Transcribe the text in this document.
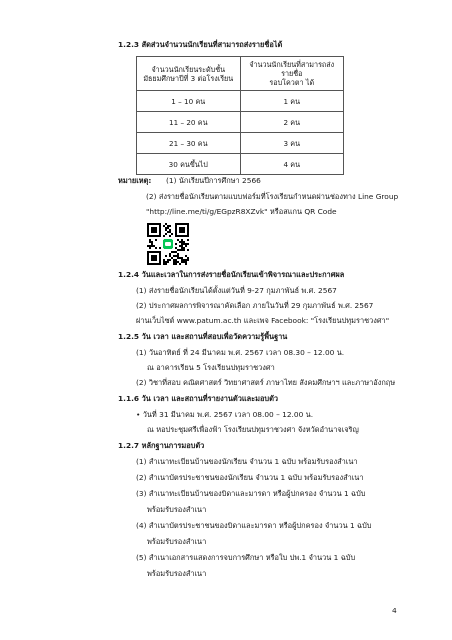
1.2.3 สัดส่วนจำนวนนักเรียนที่สามารถส่งรายชื่อได้
จำนวนนักเรียนระดับชั้น
มัธยมศึกษาปีที่ 3 ต่อโรงเรียน	จำนวนนักเรียนที่สามารถส่งรายชื่อ
รอบโควตา ได้

1 – 10 คน	1 คน
11 – 20 คน	2 คน
21 – 30 คน	3 คน
30 คนขึ้นไป	4 คน
หมายเหตุ: (1) นักเรียนปีการศึกษา 2566
(2) ส่งรายชื่อนักเรียนตามแบบฟอร์มที่โรงเรียนกำหนดผ่านช่องทาง Line Group
"http://line.me/ti/g/EGpzR8XZvk" หรือสแกน QR Code
1.2.4 วันและเวลาในการส่งรายชื่อนักเรียนเข้าพิจารณาและประกาศผล
(1) ส่งรายชื่อนักเรียนได้ตั้งแต่วันที่ 9-27 กุมภาพันธ์ พ.ศ. 2567
(2) ประกาศผลการพิจารณาคัดเลือก ภายในวันที่ 29 กุมภาพันธ์ พ.ศ. 2567
ผ่านเว็บไซต์ www.patum.ac.th และเพจ Facebook: "โรงเรียนปทุมราชวงศา"
1.2.5 วัน เวลา และสถานที่สอบเพื่อวัดความรู้พื้นฐาน
(1) วันอาทิตย์ ที่ 24 มีนาคม พ.ศ. 2567 เวลา 08.30 – 12.00 น.
ณ อาคารเรียน 5 โรงเรียนปทุมราชวงศา
(2) วิชาที่สอบ คณิตศาสตร์ วิทยาศาสตร์ ภาษาไทย สังคมศึกษาฯ และภาษาอังกฤษ
1.1.6 วัน เวลา และสถานที่รายงานตัวและมอบตัว
• วันที่ 31 มีนาคม พ.ศ. 2567 เวลา 08.00 – 12.00 น.
ณ หอประชุมศรีเพื่องฟ้า โรงเรียนปทุมราชวงศา จังหวัดอำนาจเจริญ
1.2.7 หลักฐานการมอบตัว
(1) สำเนาทะเบียนบ้านของนักเรียน จำนวน 1 ฉบับ พร้อมรับรองสำเนา
(2) สำเนาบัตรประชาชนของนักเรียน จำนวน 1 ฉบับ พร้อมรับรองสำเนา
(3) สำเนาทะเบียนบ้านของบิดาและมารดา หรือผู้ปกครอง จำนวน 1 ฉบับ
พร้อมรับรองสำเนา
(4) สำเนาบัตรประชาชนของบิดาและมารดา หรือผู้ปกครอง จำนวน 1 ฉบับ
พร้อมรับรองสำเนา
(5) สำเนาเอกสารแสดงการจบการศึกษา หรือใบ ปพ.1 จำนวน 1 ฉบับ
พร้อมรับรองสำเนา
4
